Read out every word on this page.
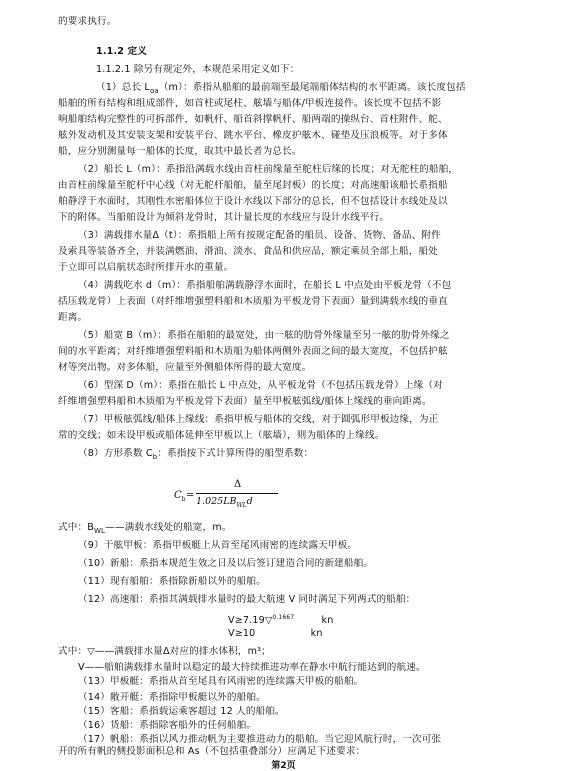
的要求执行。
1.1.2 定义
1.1.2.1 除另有规定外，本规范采用定义如下：
（1）总长 $L_{oa}(m)$：系指从船舶的最前端至最尾端船体结构的水平距离。该长度包括
船舶的所有结构和组成部件，如首柱或尾柱、舷墙与船体/甲板连接件。该长度不包括不影
响船舶结构完整性的可拆部件，如帆杆、船首斜撑帆杆、船两端的操纵台、首柱附件、舵、
舷外发动机及其安装支架和安装平台、跳水平台、橡皮护舷木、碰垫及压浪板等。对于多体
船，应分别测量每一船体的长度，取其中最长者为总长。
（2）船长 L（m）：系指沿满载水线由首柱前缘量至舵柱后缘的长度；对无舵柱的船舶，
由首柱前缘量至舵杆中心线（对无舵杆船舶，量至尾封板）的长度；对高速船该船长系指船
舶静浮于水面时，其刚性水密船体位于设计水线以下部分的总长，但不包括设计水线处及以
下的附体。当船舶设计为倾斜龙骨时，其计量长度的水线应与设计水线平行。
（3）满载排水量Δ（t）：系指船上所有按规定配备的船员、设备、货物、备品、附件
及索具等装备齐全，并装满燃油、滑油、淡水、食品和供应品，额定乘员全部上船，船处
于立即可以启航状态时所排开水的重量。
（4）满载吃水 d（m）：系指船舶满载静浮水面时，在船长 L 中点处由平板龙骨（不包
括压载龙骨）上表面（对纤维增强塑料船和木质船为平板龙骨下表面）量到满载水线的垂直
距离。
（5）船宽 B（m）：系指在船舶的最宽处，由一舷的肋骨外缘量至另一舷的肋骨外缘之
间的水平距离；对纤维增强塑料船和木质船为船体两侧外表面之间的最大宽度，不包括护舷
材等突出物。对多体船，应量至外侧船体所得的最大宽度。
（6）型深 D（m）：系指在船长 L 中点处，从平板龙骨（不包括压载龙骨）上缘（对
纤维增强塑料船和木质船为平板龙骨下表面）量至甲板舷弧线/船体上缘线的垂向距离。
（7）甲板舷弧线/船体上缘线：系指甲板与船体的交线，对于圆弧形甲板边缘，为正
常的交线；如未设甲板或船体延伸至甲板以上（舷墙），则为船体的上缘线。
（8）方形系数 $C_b$：系指按下式计算所得的船型系数：
$C_b$ =
Δ
$1.025LB_{WL}d$
式中：$B_{WL}——$满载水线处的船宽，m。
（9）干舷甲板：系指甲板艇上从首至尾风雨密的连续露天甲板。
（10）新船：系指本规范生效之日及以后签订建造合同的新建船舶。
（11）现有船舶：系指除新船以外的船舶。
（12）高速船：系指其满载排水量时的最大航速 V 同时满足下列两式的船舶：
V≥7.19▽$^{0.1667}$	kn
V≥10	kn
式中：▽——满载排水量Δ对应的排水体积，m³；
V——船舶满载排水量时以稳定的最大持续推进功率在静水中航行能达到的航速。
（13）甲板艇：系指从首至尾具有风雨密的连续露天甲板的船舶。
（14）敞开艇：系指除甲板艇以外的船舶。
（15）客船：系指载运乘客超过 12 人的船舶。
（16）货船：系指除客船外的任何船舶。
第2页
（17）帆船：系指以风力推动帆为主要推进动力的船舶。当它迎风航行时，一次可张
开的所有帆的侧投影面积总和 As（不包括重叠部分）应满足下述要求：
